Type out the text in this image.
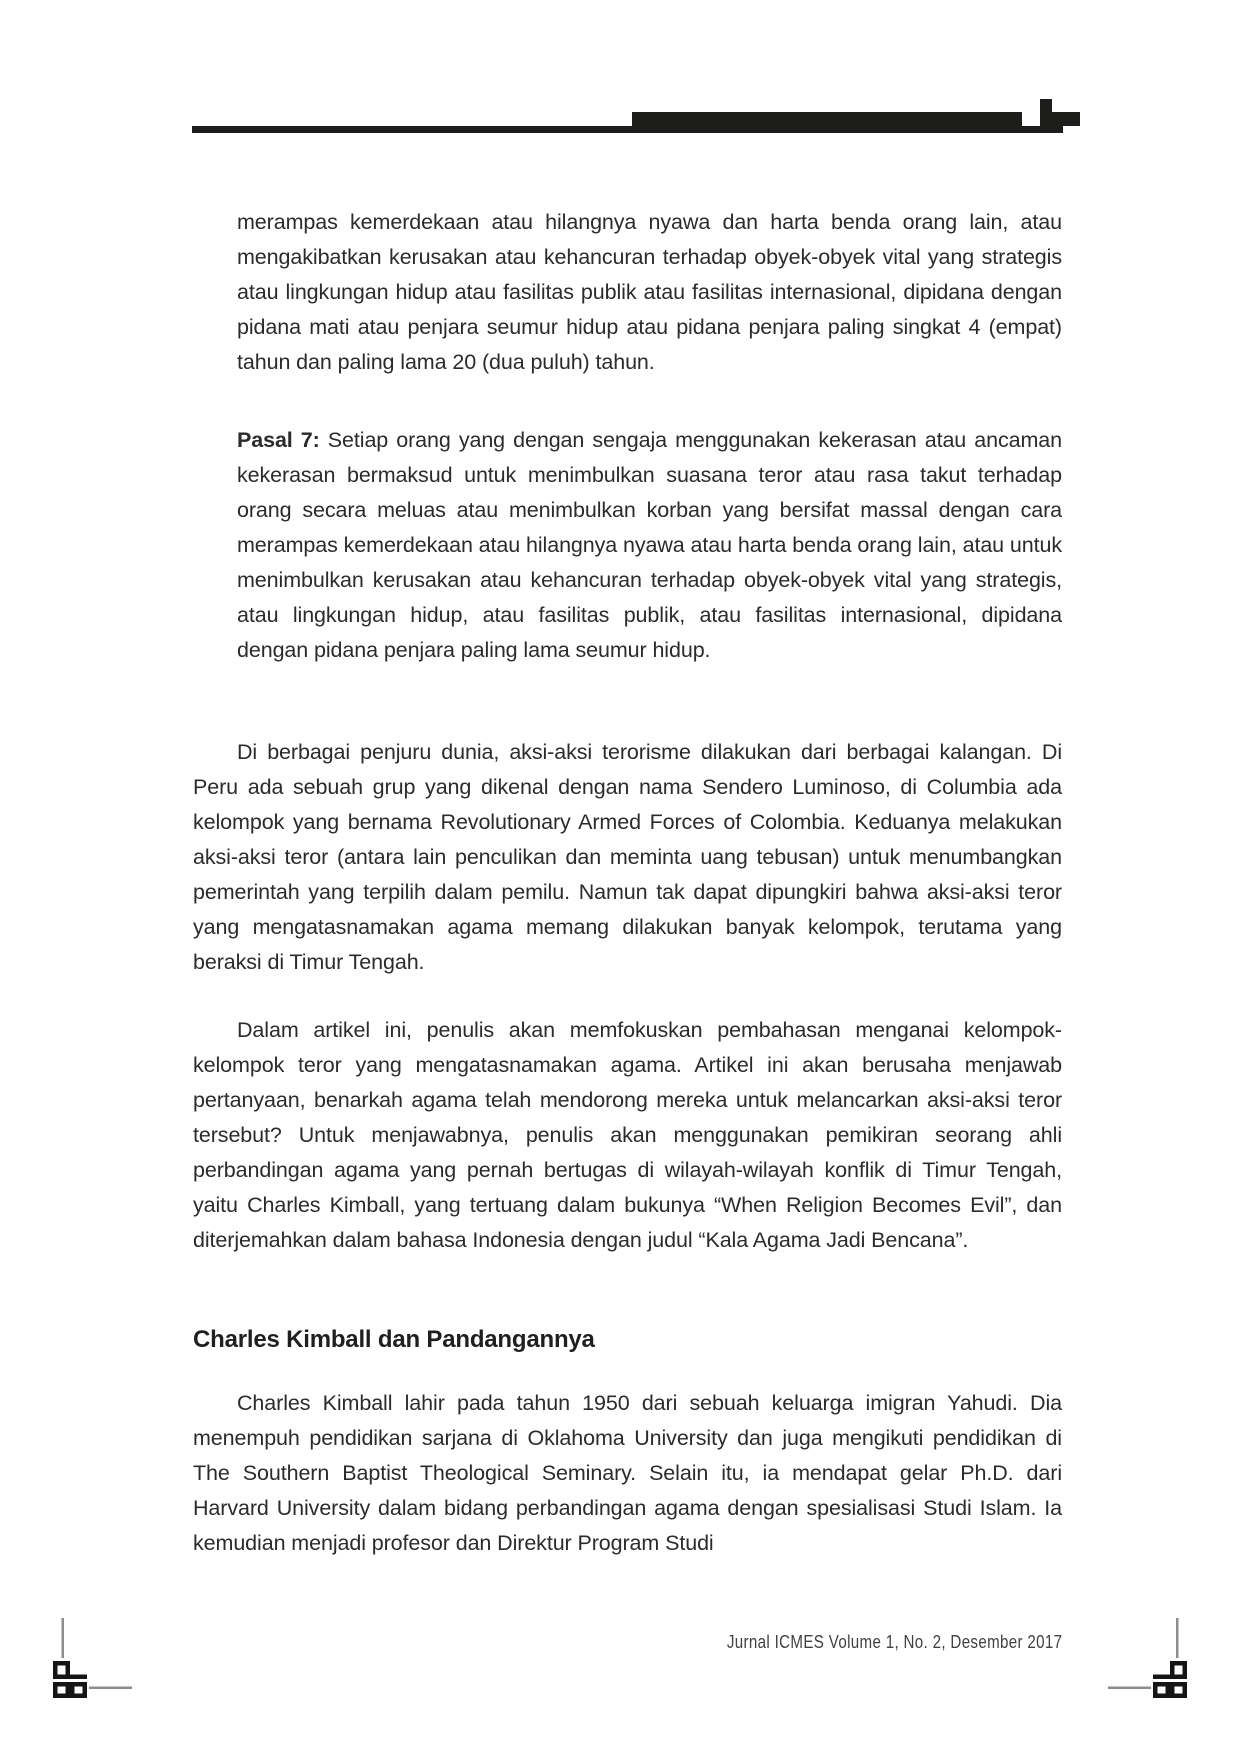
merampas kemerdekaan atau hilangnya nyawa dan harta benda orang lain, atau mengakibatkan kerusakan atau kehancuran terhadap obyek-obyek vital yang strategis atau lingkungan hidup atau fasilitas publik atau fasilitas internasional, dipidana dengan pidana mati atau penjara seumur hidup atau pidana penjara paling singkat 4 (empat) tahun dan paling lama 20 (dua puluh) tahun.
Pasal 7: Setiap orang yang dengan sengaja menggunakan kekerasan atau ancaman kekerasan bermaksud untuk menimbulkan suasana teror atau rasa takut terhadap orang secara meluas atau menimbulkan korban yang bersifat massal dengan cara merampas kemerdekaan atau hilangnya nyawa atau harta benda orang lain, atau untuk menimbulkan kerusakan atau kehancuran terhadap obyek-obyek vital yang strategis, atau lingkungan hidup, atau fasilitas publik, atau fasilitas internasional, dipidana dengan pidana penjara paling lama seumur hidup.
Di berbagai penjuru dunia, aksi-aksi terorisme dilakukan dari berbagai kalangan. Di Peru ada sebuah grup yang dikenal dengan nama Sendero Luminoso, di Columbia ada kelompok yang bernama Revolutionary Armed Forces of Colombia. Keduanya melakukan aksi-aksi teror (antara lain penculikan dan meminta uang tebusan) untuk menumbangkan pemerintah yang terpilih dalam pemilu. Namun tak dapat dipungkiri bahwa aksi-aksi teror yang mengatasnamakan agama memang dilakukan banyak kelompok, terutama yang beraksi di Timur Tengah.
Dalam artikel ini, penulis akan memfokuskan pembahasan menganai kelompok-kelompok teror yang mengatasnamakan agama. Artikel ini akan berusaha menjawab pertanyaan, benarkah agama telah mendorong mereka untuk melancarkan aksi-aksi teror tersebut? Untuk menjawabnya, penulis akan menggunakan pemikiran seorang ahli perbandingan agama yang pernah bertugas di wilayah-wilayah konflik di Timur Tengah, yaitu Charles Kimball, yang tertuang dalam bukunya “When Religion Becomes Evil”, dan diterjemahkan dalam bahasa Indonesia dengan judul “Kala Agama Jadi Bencana”.
Charles Kimball dan Pandangannya
Charles Kimball lahir pada tahun 1950 dari sebuah keluarga imigran Yahudi. Dia menempuh pendidikan sarjana di Oklahoma University dan juga mengikuti pendidikan di The Southern Baptist Theological Seminary. Selain itu, ia mendapat gelar Ph.D. dari Harvard University dalam bidang perbandingan agama dengan spesialisasi Studi Islam. Ia kemudian menjadi profesor dan Direktur Program Studi
Jurnal ICMES Volume 1, No. 2, Desember 2017
